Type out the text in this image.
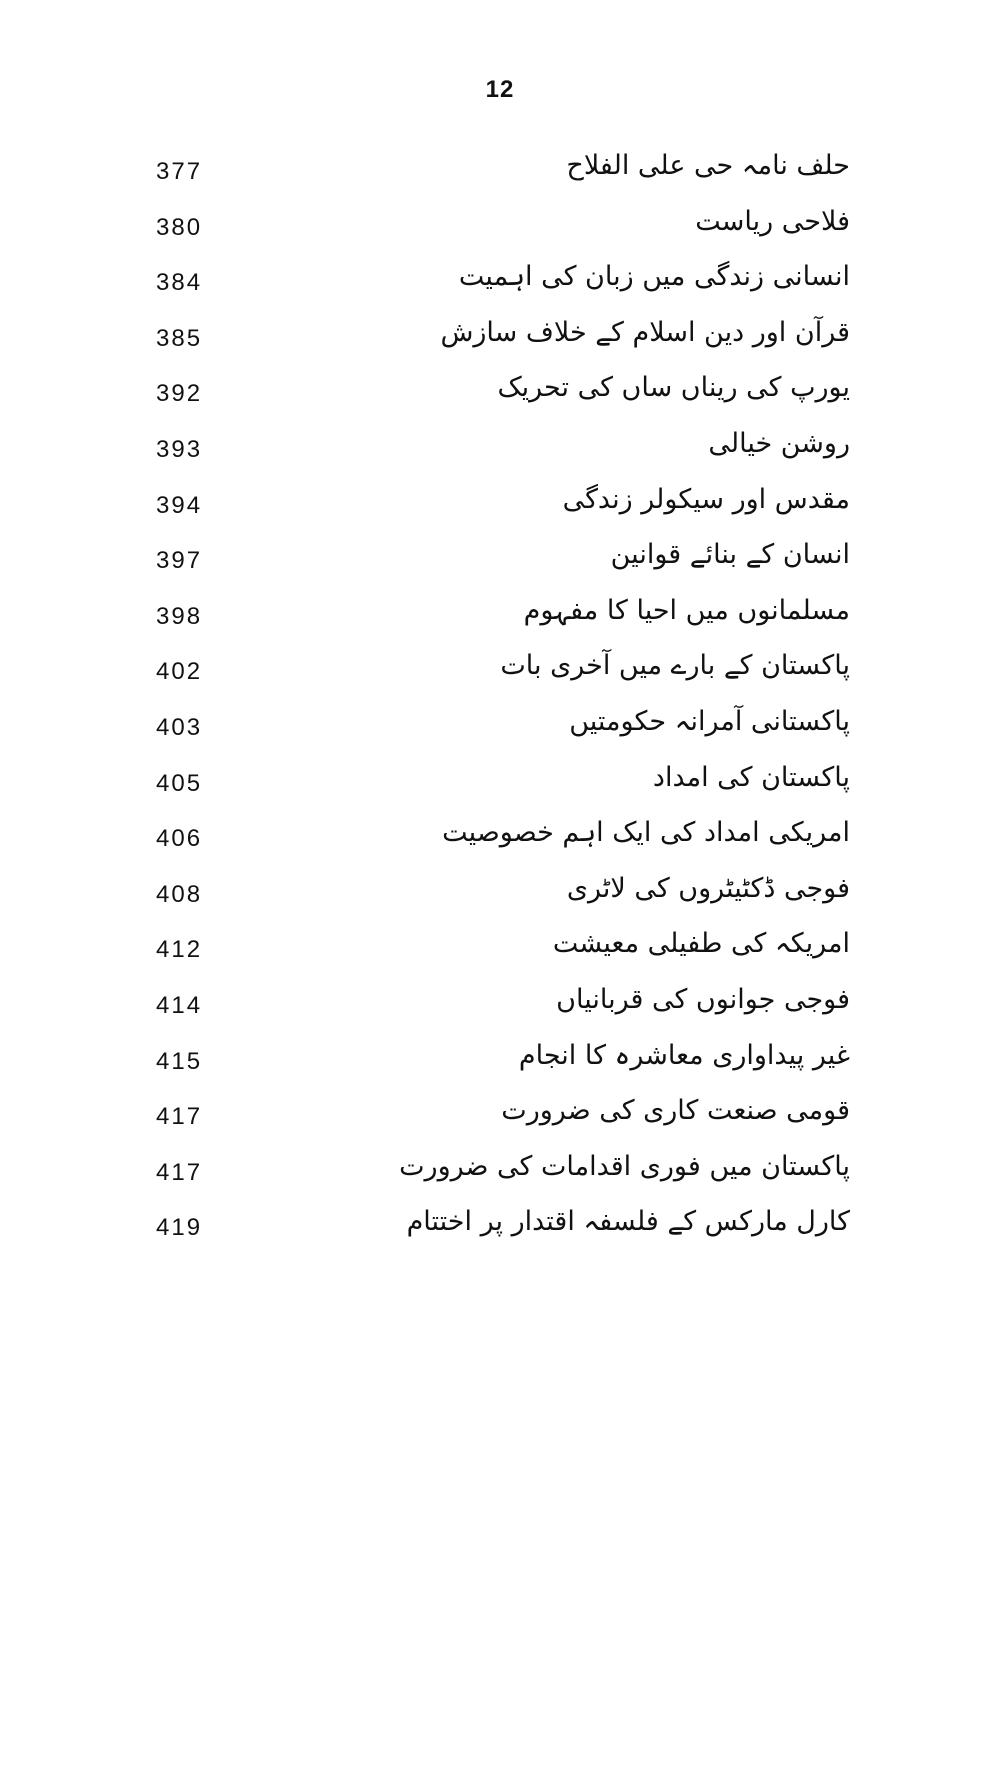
12
حلف نامہ حی علی الفلاح
377
فلاحی ریاست
380
انسانی زندگی میں زبان کی اہمیت
384
قرآن اور دین اسلام کے خلاف سازش
385
یورپ کی ریناں ساں کی تحریک
392
روشن خیالی
393
مقدس اور سیکولر زندگی
394
انسان کے بنائے قوانین
397
مسلمانوں میں احیا کا مفہوم
398
پاکستان کے بارے میں آخری بات
402
پاکستانی آمرانہ حکومتیں
403
پاکستان کی امداد
405
امریکی امداد کی ایک اہم خصوصیت
406
فوجی ڈکٹیٹروں کی لاٹری
408
امریکہ کی طفیلی معیشت
412
فوجی جوانوں کی قربانیاں
414
غیر پیداواری معاشرہ کا انجام
415
قومی صنعت کاری کی ضرورت
417
پاکستان میں فوری اقدامات کی ضرورت
417
کارل مارکس کے فلسفہ اقتدار پر اختتام
419
